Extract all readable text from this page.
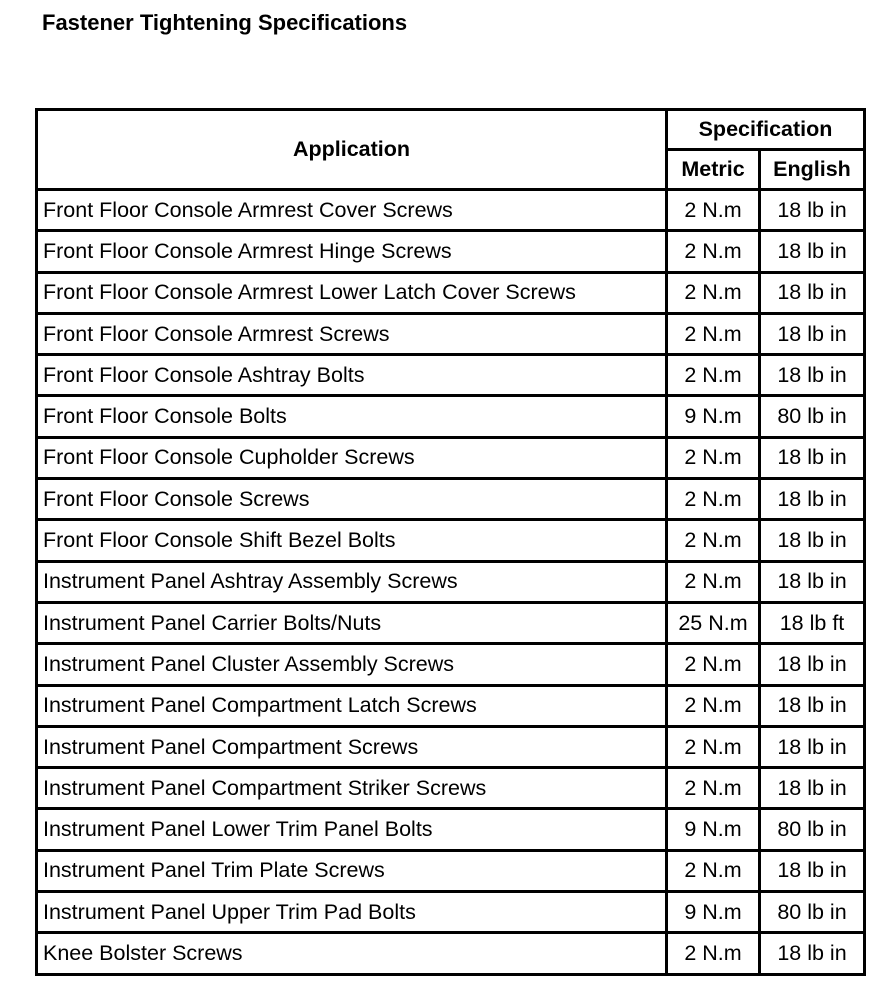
Fastener Tightening Specifications
Application	Specification	
	Metric	English
Front Floor Console Armrest Cover Screws	2 N.m	18 lb in
Front Floor Console Armrest Hinge Screws	2 N.m	18 lb in
Front Floor Console Armrest Lower Latch Cover Screws	2 N.m	18 lb in
Front Floor Console Armrest Screws	2 N.m	18 lb in
Front Floor Console Ashtray Bolts	2 N.m	18 lb in
Front Floor Console Bolts	9 N.m	80 lb in
Front Floor Console Cupholder Screws	2 N.m	18 lb in
Front Floor Console Screws	2 N.m	18 lb in
Front Floor Console Shift Bezel Bolts	2 N.m	18 lb in
Instrument Panel Ashtray Assembly Screws	2 N.m	18 lb in
Instrument Panel Carrier Bolts/Nuts	25 N.m	18 lb ft
Instrument Panel Cluster Assembly Screws	2 N.m	18 lb in
Instrument Panel Compartment Latch Screws	2 N.m	18 lb in
Instrument Panel Compartment Screws	2 N.m	18 lb in
Instrument Panel Compartment Striker Screws	2 N.m	18 lb in
Instrument Panel Lower Trim Panel Bolts	9 N.m	80 lb in
Instrument Panel Trim Plate Screws	2 N.m	18 lb in
Instrument Panel Upper Trim Pad Bolts	9 N.m	80 lb in
Knee Bolster Screws	2 N.m	18 lb in
